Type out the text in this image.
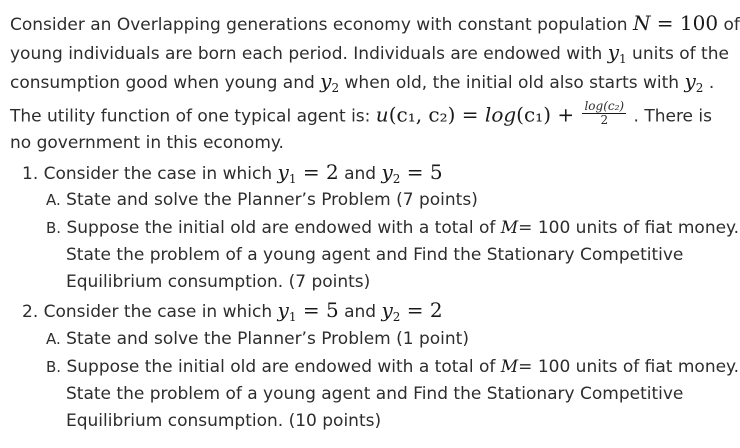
Consider an Overlapping generations economy with constant population N = 100 of
young individuals are born each period. Individuals are endowed with $y_1$ units of the
consumption good when young and $y_2$ when old, the initial old also starts with $y_2$ .
The utility function of one typical agent is: u(c₁, $c_2) = \log(c_1) + \frac{\text{log(c₂)}}{2}$ . There is
no government in this economy.
1. Consider the case in which $y_1 = 2$ and $y_2 = 5$
A. State and solve the Planner’s Problem (7 points)
B. Suppose the initial old are endowed with a total of M= 100 units of fiat money.
State the problem of a young agent and Find the Stationary Competitive
Equilibrium consumption. (7 points)
2. Consider the case in which $y_1 = 5$ and $y_2 = 2$
A. State and solve the Planner’s Problem (1 point)
B. Suppose the initial old are endowed with a total of M= 100 units of fiat money.
State the problem of a young agent and Find the Stationary Competitive
Equilibrium consumption. (10 points)
